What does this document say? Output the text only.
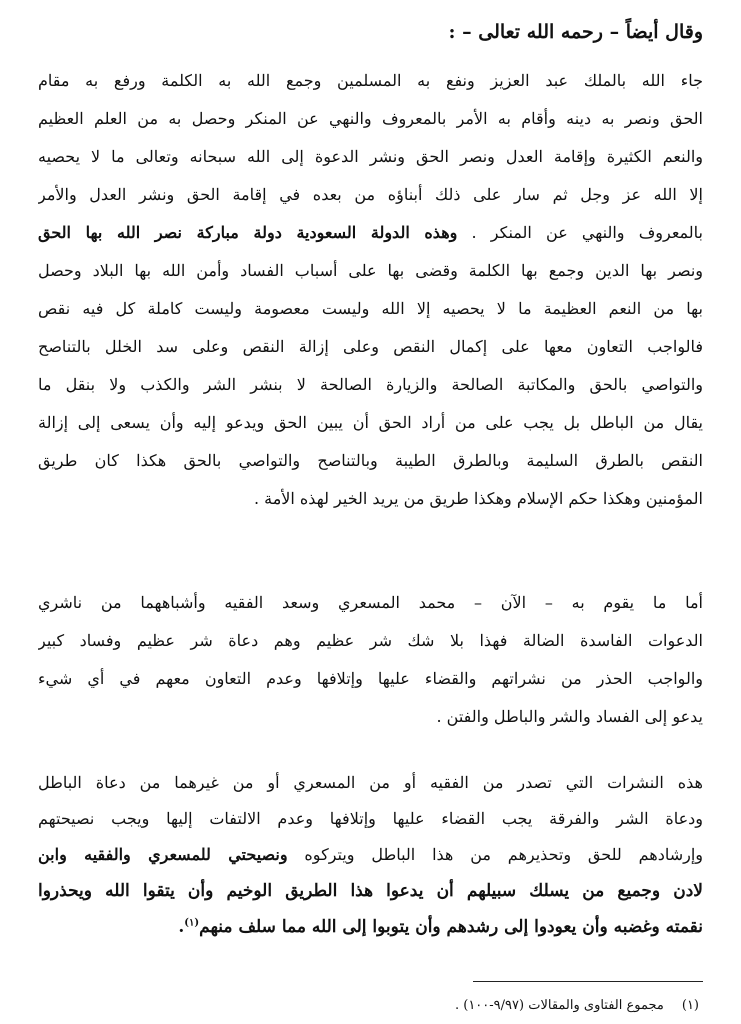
وقال أيضاً – رحمه الله تعالى – :
جاء الله بالملك عبد العزيز ونفع به المسلمين وجمع الله به الكلمة ورفع به مقام
الحق ونصر به دينه وأقام به الأمر بالمعروف والنهي عن المنكر وحصل به من العلم العظيم
والنعم الكثيرة وإقامة العدل ونصر الحق ونشر الدعوة إلى الله سبحانه وتعالى ما لا يحصيه
إلا الله عز وجل ثم سار على ذلك أبناؤه من بعده في إقامة الحق ونشر العدل والأمر
بالمعروف والنهي عن المنكر . وهذه الدولة السعودية دولة مباركة نصر الله بها الحق
ونصر بها الدين وجمع بها الكلمة وقضى بها على أسباب الفساد وأمن الله بها البلاد وحصل
بها من النعم العظيمة ما لا يحصيه إلا الله وليست معصومة وليست كاملة كل فيه نقص
فالواجب التعاون معها على إكمال النقص وعلى إزالة النقص وعلى سد الخلل بالتناصح
والتواصي بالحق والمكاتبة الصالحة والزيارة الصالحة لا بنشر الشر والكذب ولا بنقل ما
يقال من الباطل بل يجب على من أراد الحق أن يبين الحق ويدعو إليه وأن يسعى إلى إزالة
النقص بالطرق السليمة وبالطرق الطيبة وبالتناصح والتواصي بالحق هكذا كان طريق
المؤمنين وهكذا حكم الإسلام وهكذا طريق من يريد الخير لهذه الأمة .
أما ما يقوم به – الآن – محمد المسعري وسعد الفقيه وأشباههما من ناشري
الدعوات الفاسدة الضالة فهذا بلا شك شر عظيم وهم دعاة شر عظيم وفساد كبير
والواجب الحذر من نشراتهم والقضاء عليها وإتلافها وعدم التعاون معهم في أي شيء
يدعو إلى الفساد والشر والباطل والفتن .
هذه النشرات التي تصدر من الفقيه أو من المسعري أو من غيرهما من دعاة الباطل
ودعاة الشر والفرقة يجب القضاء عليها وإتلافها وعدم الالتفات إليها ويجب نصيحتهم
وإرشادهم للحق وتحذيرهم من هذا الباطل ويتركوه ونصيحتي للمسعري والفقيه وابن
لادن وجميع من يسلك سبيلهم أن يدعوا هذا الطريق الوخيم وأن يتقوا الله ويحذروا
نقمته وغضبه وأن يعودوا إلى رشدهم وأن يتوبوا إلى الله مما سلف منهم$^{(١)}$.
(١)مجموع الفتاوى والمقالات (٩/٩٧-١٠٠) .
